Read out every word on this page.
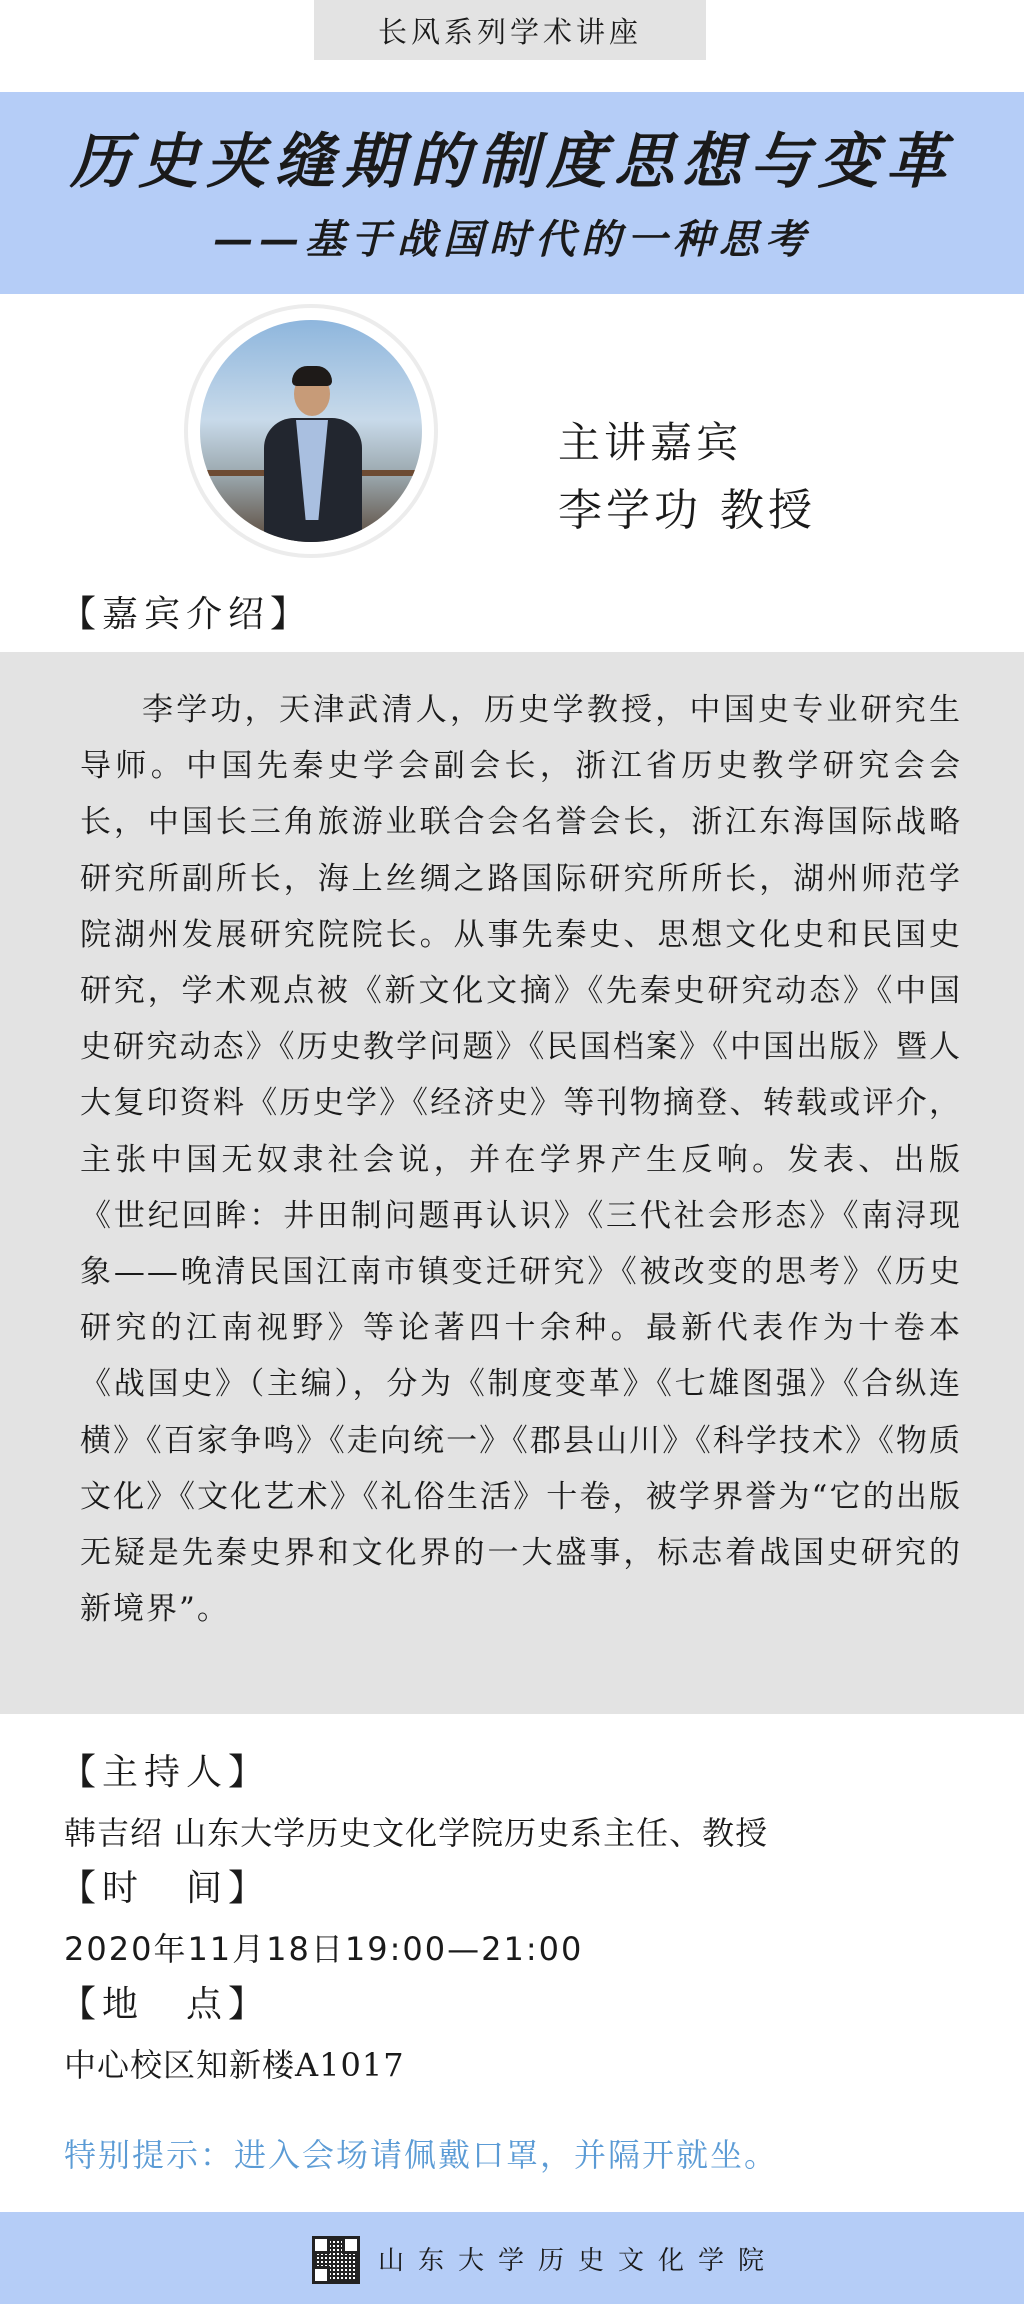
长风系列学术讲座
历史夹缝期的制度思想与变革
——基于战国时代的一种思考
主讲嘉宾
李学功 教授
【嘉宾介绍】
李学功，天津武清人，历史学教授，中国史专业研究生导师。中国先秦史学会副会长，浙江省历史教学研究会会长，中国长三角旅游业联合会名誉会长，浙江东海国际战略研究所副所长，海上丝绸之路国际研究所所长，湖州师范学院湖州发展研究院院长。从事先秦史、思想文化史和民国史研究，学术观点被《新文化文摘》《先秦史研究动态》《中国史研究动态》《历史教学问题》《民国档案》《中国出版》暨人大复印资料《历史学》《经济史》等刊物摘登、转载或评介，主张中国无奴隶社会说，并在学界产生反响。发表、出版《世纪回眸：井田制问题再认识》《三代社会形态》《南浔现象——晚清民国江南市镇变迁研究》《被改变的思考》《历史研究的江南视野》等论著四十余种。最新代表作为十卷本《战国史》（主编），分为《制度变革》《七雄图强》《合纵连横》《百家争鸣》《走向统一》《郡县山川》《科学技术》《物质文化》《文化艺术》《礼俗生活》十卷，被学界誉为“它的出版无疑是先秦史界和文化界的一大盛事，标志着战国史研究的新境界”。
【主持人】
韩吉绍 山东大学历史文化学院历史系主任、教授
【时　间】
2020年11月18日19:00—21:00
【地　点】
中心校区知新楼A1017
特别提示：进入会场请佩戴口罩，并隔开就坐。
山东大学历史文化学院
